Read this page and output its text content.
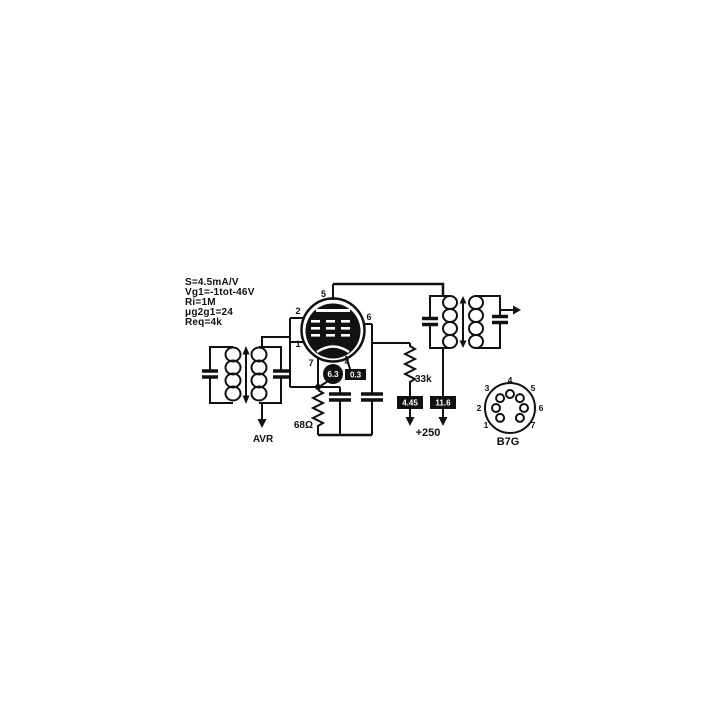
S=4.5mA/V
Vg1=-1tot-46V
Ri=1M
μg2g1=24
Req=4k
AVR
5
2
1
6
7	4
6.3 0.3
68Ω
33k
4.45 11.6
+250
1
2
3
4
5
6
7
B7G
